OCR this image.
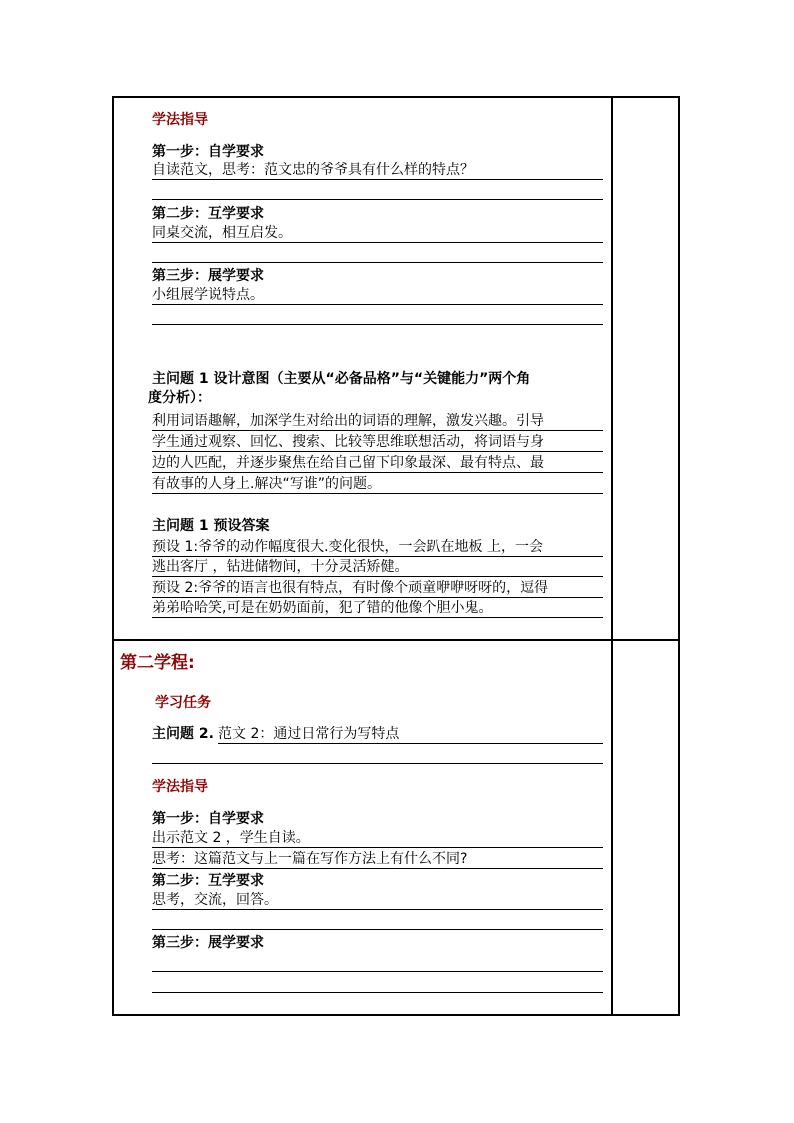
学法指导
第一步：自学要求
自读范文，思考：范文忠的爷爷具有什么样的特点？
第二步：互学要求
同桌交流，相互启发。
第三步：展学要求
小组展学说特点。
主问题 1 设计意图（主要从“必备品格”与“关键能力”两个角
度分析）：
利用词语趣解，加深学生对给出的词语的理解，激发兴趣。引导
学生通过观察、回忆、搜索、比较等思维联想活动，将词语与身
边的人匹配，并逐步聚焦在给自己留下印象最深、最有特点、最
有故事的人身上.解决“写谁”的问题。
主问题 1 预设答案
预设 1:爷爷的动作幅度很大.变化很快，一会趴在地板 上，一会
逃出客厅 ，钻进储物间，十分灵活矫健。
预设 2:爷爷的语言也很有特点，有时像个顽童咿咿呀呀的，逗得
弟弟哈哈笑,可是在奶奶面前，犯了错的他像个胆小鬼。
第二学程:
学习任务
主问题 2. 范文 2：通过日常行为写特点
学法指导
第一步：自学要求
出示范文 2 ，学生自读。
思考：这篇范文与上一篇在写作方法上有什么不同?
第二步：互学要求
思考，交流，回答。
第三步：展学要求
